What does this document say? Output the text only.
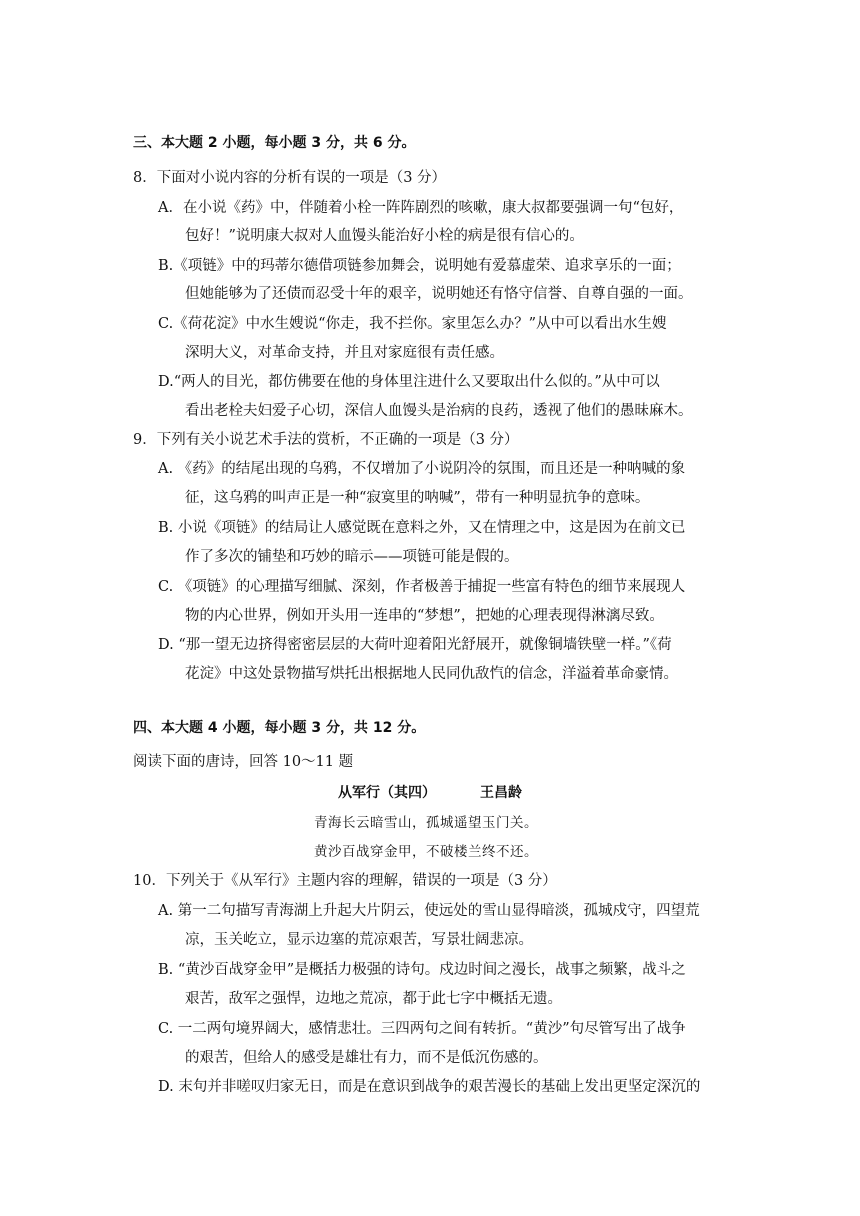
三、本大题 2 小题，每小题 3 分，共 6 分。
8．下面对小说内容的分析有误的一项是（3 分）
A．在小说《药》中，伴随着小栓一阵阵剧烈的咳嗽，康大叔都要强调一句“包好，
包好！”说明康大叔对人血馒头能治好小栓的病是很有信心的。
B.《项链》中的玛蒂尔德借项链参加舞会，说明她有爱慕虚荣、追求享乐的一面；
但她能够为了还债而忍受十年的艰辛，说明她还有恪守信誉、自尊自强的一面。
C.《荷花淀》中水生嫂说“你走，我不拦你。家里怎么办？”从中可以看出水生嫂
深明大义，对革命支持，并且对家庭很有责任感。
D.“两人的目光，都仿佛要在他的身体里注进什么又要取出什么似的。”从中可以
看出老栓夫妇爱子心切，深信人血馒头是治病的良药，透视了他们的愚昧麻木。
9．下列有关小说艺术手法的赏析，不正确的一项是（3 分）
A. 《药》的结尾出现的乌鸦，不仅增加了小说阴冷的氛围，而且还是一种呐喊的象
征，这乌鸦的叫声正是一种“寂寞里的呐喊”，带有一种明显抗争的意味。
B. 小说《项链》的结局让人感觉既在意料之外，又在情理之中，这是因为在前文已
作了多次的铺垫和巧妙的暗示——项链可能是假的。
C. 《项链》的心理描写细腻、深刻，作者极善于捕捉一些富有特色的细节来展现人
物的内心世界，例如开头用一连串的“梦想”，把她的心理表现得淋漓尽致。
D. “那一望无边挤得密密层层的大荷叶迎着阳光舒展开，就像铜墙铁壁一样。”《荷
花淀》中这处景物描写烘托出根据地人民同仇敌忾的信念，洋溢着革命豪情。
四、本大题 4 小题，每小题 3 分，共 12 分。
阅读下面的唐诗，回答 10～11 题
从军行（其四）	王昌龄
青海长云暗雪山，孤城遥望玉门关。
黄沙百战穿金甲，不破楼兰终不还。
10．下列关于《从军行》主题内容的理解，错误的一项是（3 分）
A. 第一二句描写青海湖上升起大片阴云，使远处的雪山显得暗淡，孤城戍守，四望荒
凉，玉关屹立，显示边塞的荒凉艰苦，写景壮阔悲凉。
B. “黄沙百战穿金甲”是概括力极强的诗句。戍边时间之漫长，战事之频繁，战斗之
艰苦，敌军之强悍，边地之荒凉，都于此七字中概括无遗。
C. 一二两句境界阔大，感情悲壮。三四两句之间有转折。“黄沙”句尽管写出了战争
的艰苦，但给人的感受是雄壮有力，而不是低沉伤感的。
D. 末句并非嗟叹归家无日，而是在意识到战争的艰苦漫长的基础上发出更坚定深沉的
